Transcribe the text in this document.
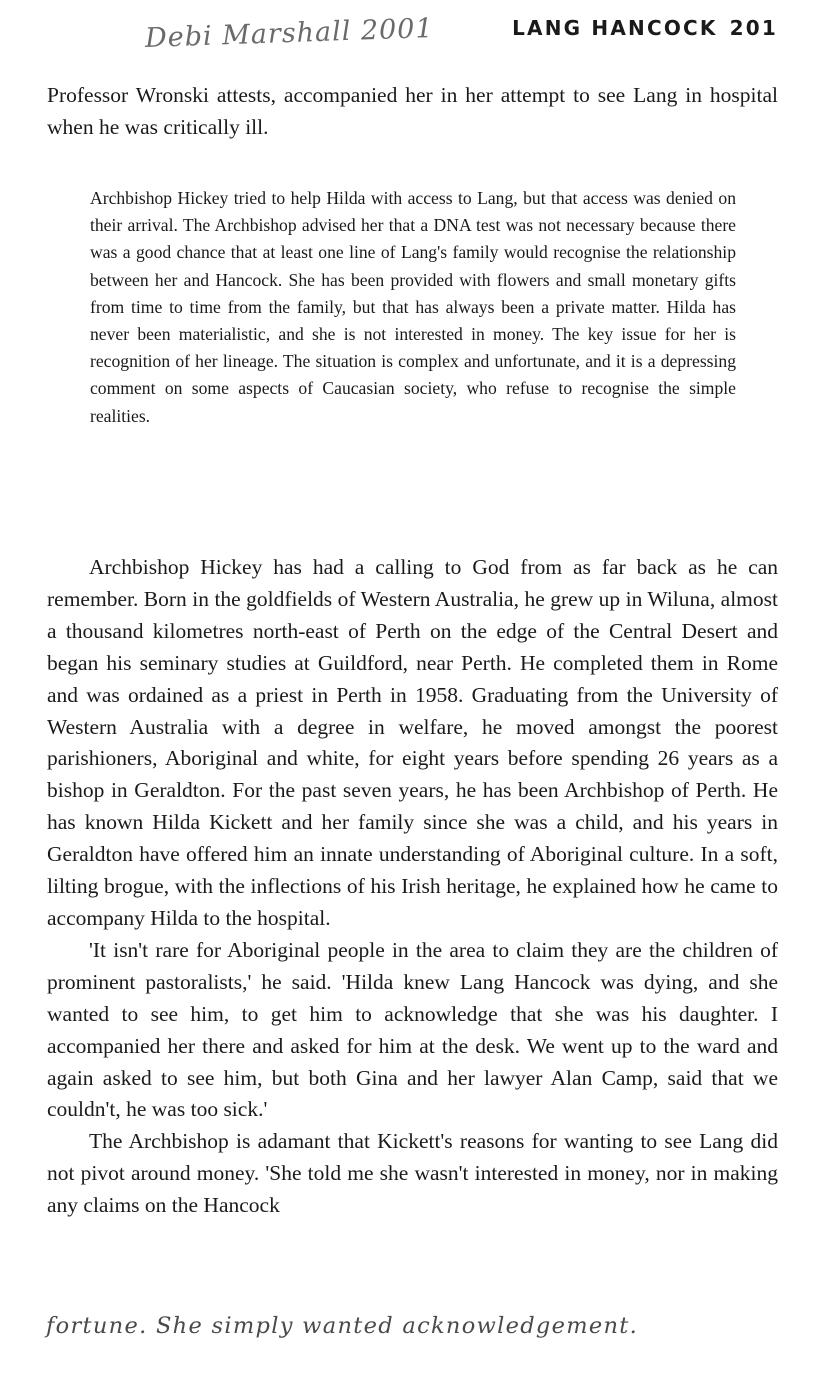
Debi Marshall 2001	LANG HANCOCK 201

Professor Wronski attests, accompanied her in her attempt to see Lang in hospital when he was critically ill.

Archbishop Hickey tried to help Hilda with access to Lang, but that access was denied on their arrival. The Archbishop advised her that a DNA test was not necessary because there was a good chance that at least one line of Lang's family would recognise the relationship between her and Hancock. She has been provided with flowers and small monetary gifts from time to time from the family, but that has always been a private matter. Hilda has never been materialistic, and she is not interested in money. The key issue for her is recognition of her lineage. The situation is complex and unfortunate, and it is a depressing comment on some aspects of Caucasian society, who refuse to recognise the simple realities.

Archbishop Hickey has had a calling to God from as far back as he can remember. Born in the goldfields of Western Australia, he grew up in Wiluna, almost a thousand kilometres north-east of Perth on the edge of the Central Desert and began his seminary studies at Guildford, near Perth. He completed them in Rome and was ordained as a priest in Perth in 1958. Graduating from the University of Western Australia with a degree in welfare, he moved amongst the poorest parishioners, Aboriginal and white, for eight years before spending 26 years as a bishop in Geraldton. For the past seven years, he has been Archbishop of Perth. He has known Hilda Kickett and her family since she was a child, and his years in Geraldton have offered him an innate understanding of Aboriginal culture. In a soft, lilting brogue, with the inflections of his Irish heritage, he explained how he came to accompany Hilda to the hospital.

'It isn't rare for Aboriginal people in the area to claim they are the children of prominent pastoralists,' he said. 'Hilda knew Lang Hancock was dying, and she wanted to see him, to get him to acknowledge that she was his daughter. I accompanied her there and asked for him at the desk. We went up to the ward and again asked to see him, but both Gina and her lawyer Alan Camp, said that we couldn't, he was too sick.'

The Archbishop is adamant that Kickett's reasons for wanting to see Lang did not pivot around money. 'She told me she wasn't interested in money, nor in making any claims on the Hancock

fortune. She simply wanted acknowledgement.
